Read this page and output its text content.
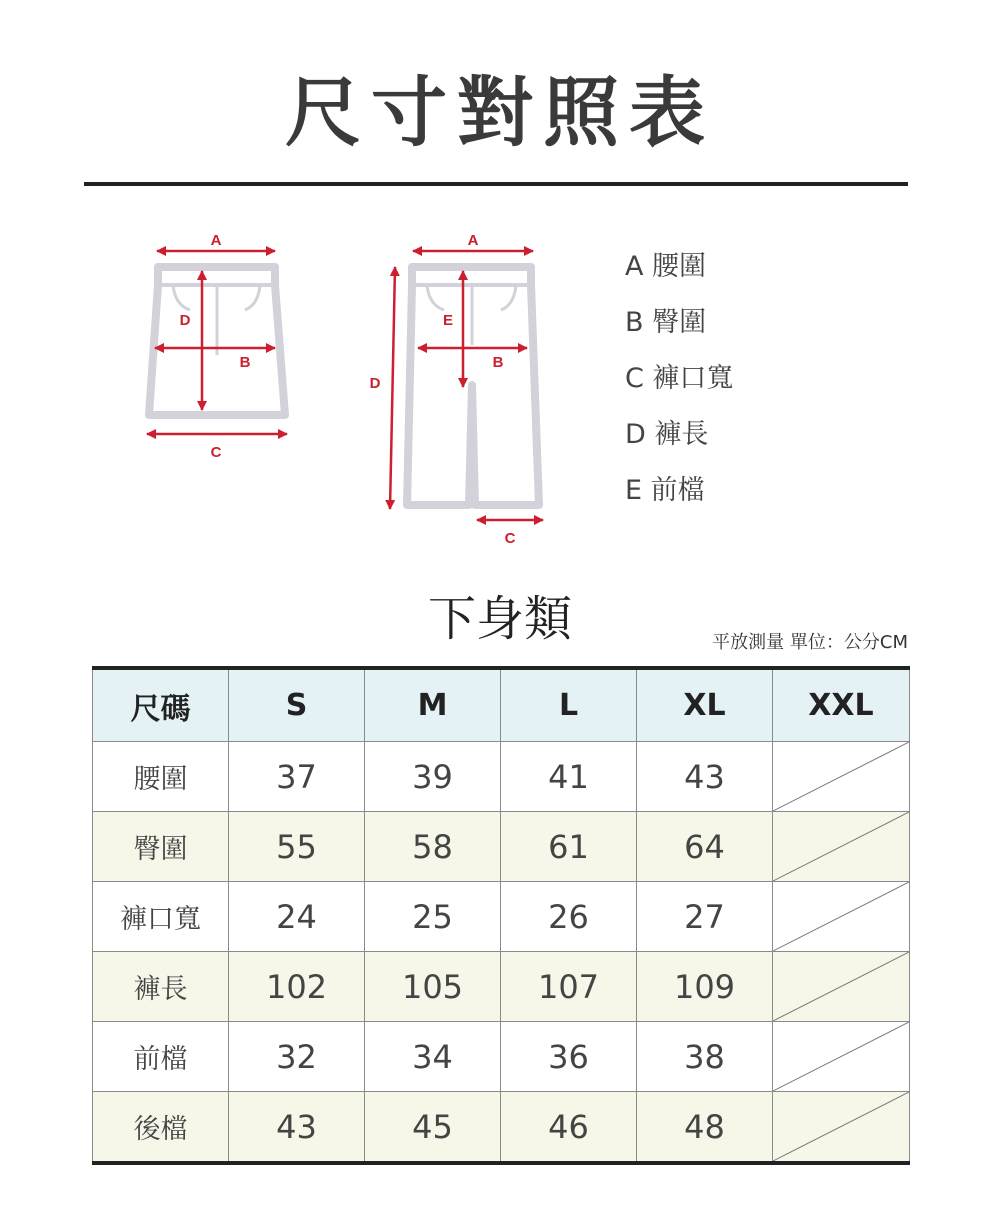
尺寸對照表
A
D
B
C
A
E
B
D
C
A 腰圍
B 臀圍
C 褲口寬
D 褲長
E 前檔
下身類	平放測量 單位：公分CM
尺碼	S	M	L	XL	XXL
腰圍	37	39	41	43	

臀圍	55	58	61	64	

褲口寬	24	25	26	27	

褲長	102	105	107	109	

前檔	32	34	36	38	

後檔	43	45	46	48	
